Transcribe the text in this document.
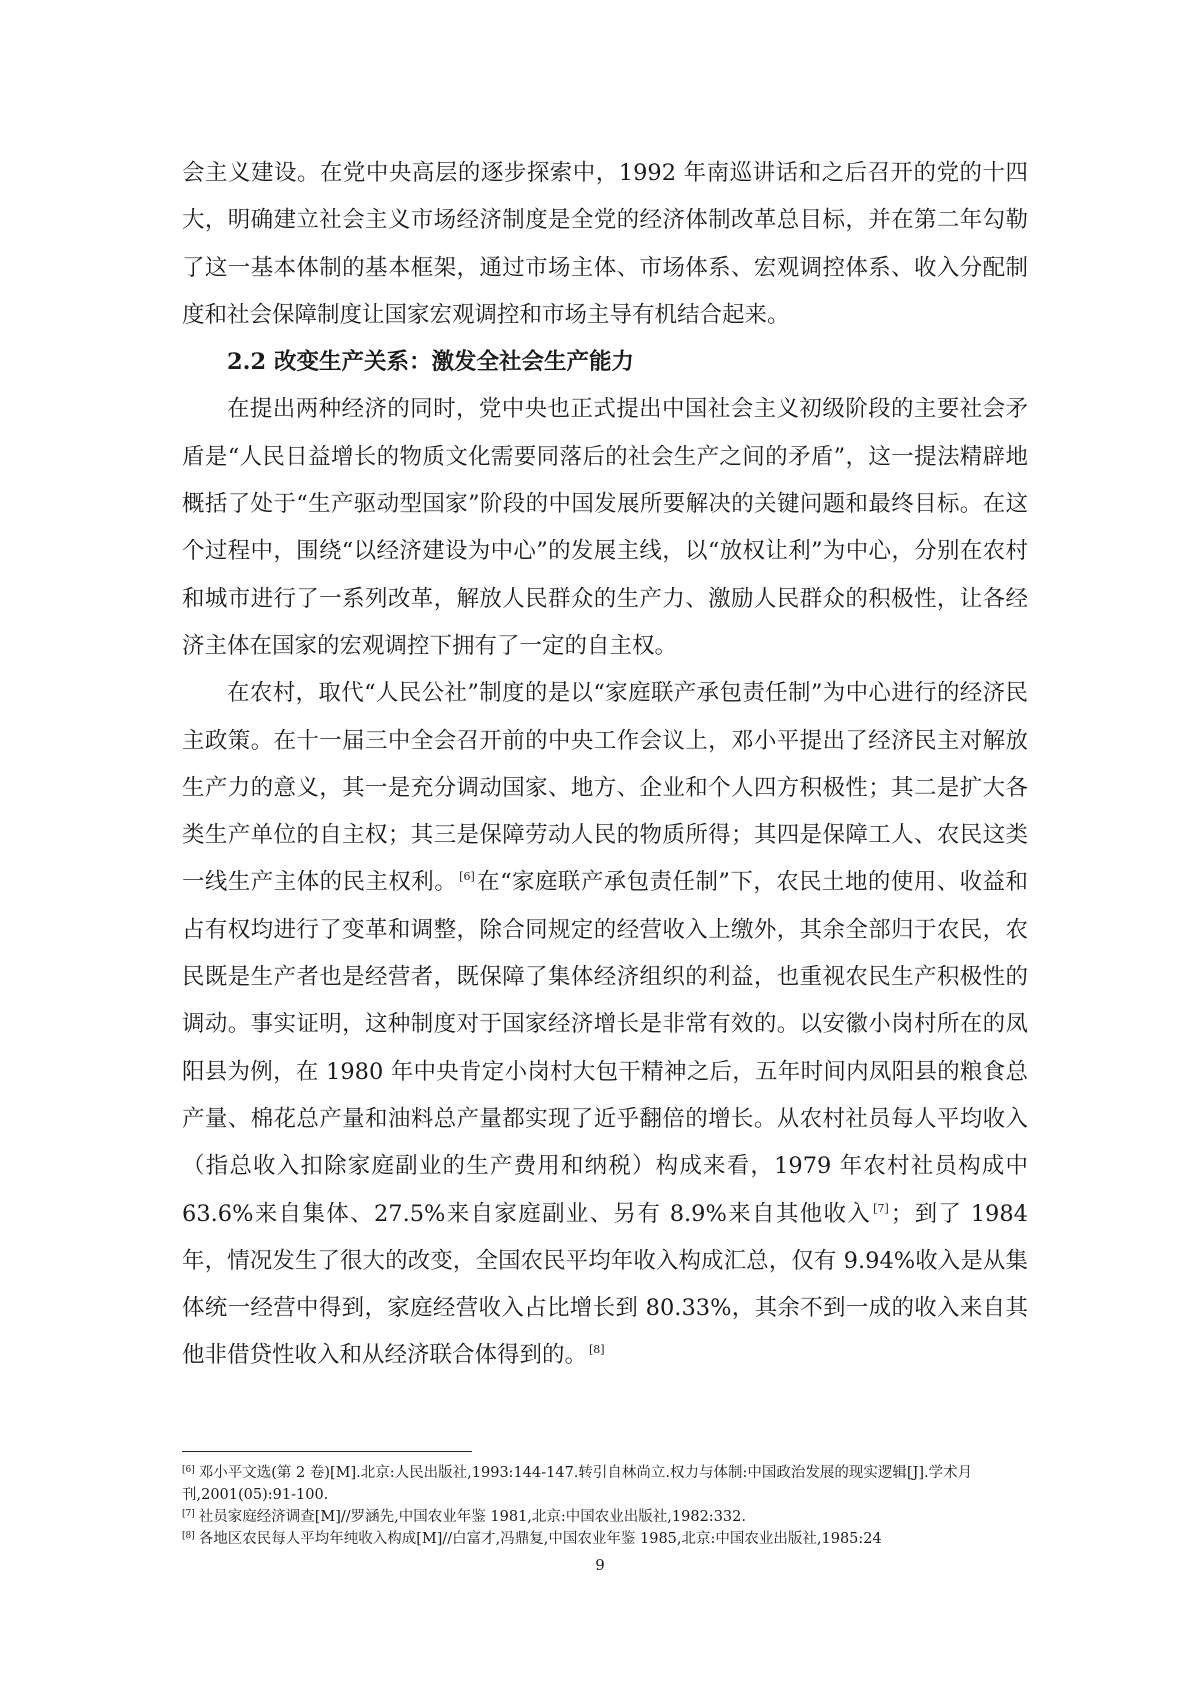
会主义建设。在党中央高层的逐步探索中，1992 年南巡讲话和之后召开的党的十四大，明确建立社会主义市场经济制度是全党的经济体制改革总目标，并在第二年勾勒了这一基本体制的基本框架，通过市场主体、市场体系、宏观调控体系、收入分配制度和社会保障制度让国家宏观调控和市场主导有机结合起来。

2.2 改变生产关系：激发全社会生产能力

在提出两种经济的同时，党中央也正式提出中国社会主义初级阶段的主要社会矛盾是“人民日益增长的物质文化需要同落后的社会生产之间的矛盾”，这一提法精辟地概括了处于“生产驱动型国家”阶段的中国发展所要解决的关键问题和最终目标。在这个过程中，围绕“以经济建设为中心”的发展主线，以“放权让利”为中心，分别在农村和城市进行了一系列改革，解放人民群众的生产力、激励人民群众的积极性，让各经济主体在国家的宏观调控下拥有了一定的自主权。

在农村，取代“人民公社”制度的是以“家庭联产承包责任制”为中心进行的经济民主政策。在十一届三中全会召开前的中央工作会议上，邓小平提出了经济民主对解放生产力的意义，其一是充分调动国家、地方、企业和个人四方积极性；其二是扩大各类生产单位的自主权；其三是保障劳动人民的物质所得；其四是保障工人、农民这类一线生产主体的民主权利。 [6]在“家庭联产承包责任制”下，农民土地的使用、收益和占有权均进行了变革和调整，除合同规定的经营收入上缴外，其余全部归于农民，农民既是生产者也是经营者，既保障了集体经济组织的利益，也重视农民生产积极性的调动。事实证明，这种制度对于国家经济增长是非常有效的。以安徽小岗村所在的凤阳县为例，在 1980 年中央肯定小岗村大包干精神之后，五年时间内凤阳县的粮食总产量、棉花总产量和油料总产量都实现了近乎翻倍的增长。从农村社员每人平均收入（指总收入扣除家庭副业的生产费用和纳税）构成来看，1979 年农村社员构成中 63.6%来自集体、27.5%来自家庭副业、另有 8.9%来自其他收入 [7]；到了 1984 年，情况发生了很大的改变，全国农民平均年收入构成汇总，仅有 9.94%收入是从集体统一经营中得到，家庭经营收入占比增长到 80.33%，其余不到一成的收入来自其他非借贷性收入和从经济联合体得到的。 [8]

[6] 邓小平文选(第 2 卷)[M].北京:人民出版社,1993:144-147.转引自林尚立.权力与体制:中国政治发展的现实逻辑[J].学术月刊,2001(05):91-100.

[7] 社员家庭经济调查[M]//罗涵先,中国农业年鉴 1981,北京:中国农业出版社,1982:332.

[8] 各地区农民每人平均年纯收入构成[M]//白富才,冯鼎复,中国农业年鉴 1985,北京:中国农业出版社,1985:24

9
